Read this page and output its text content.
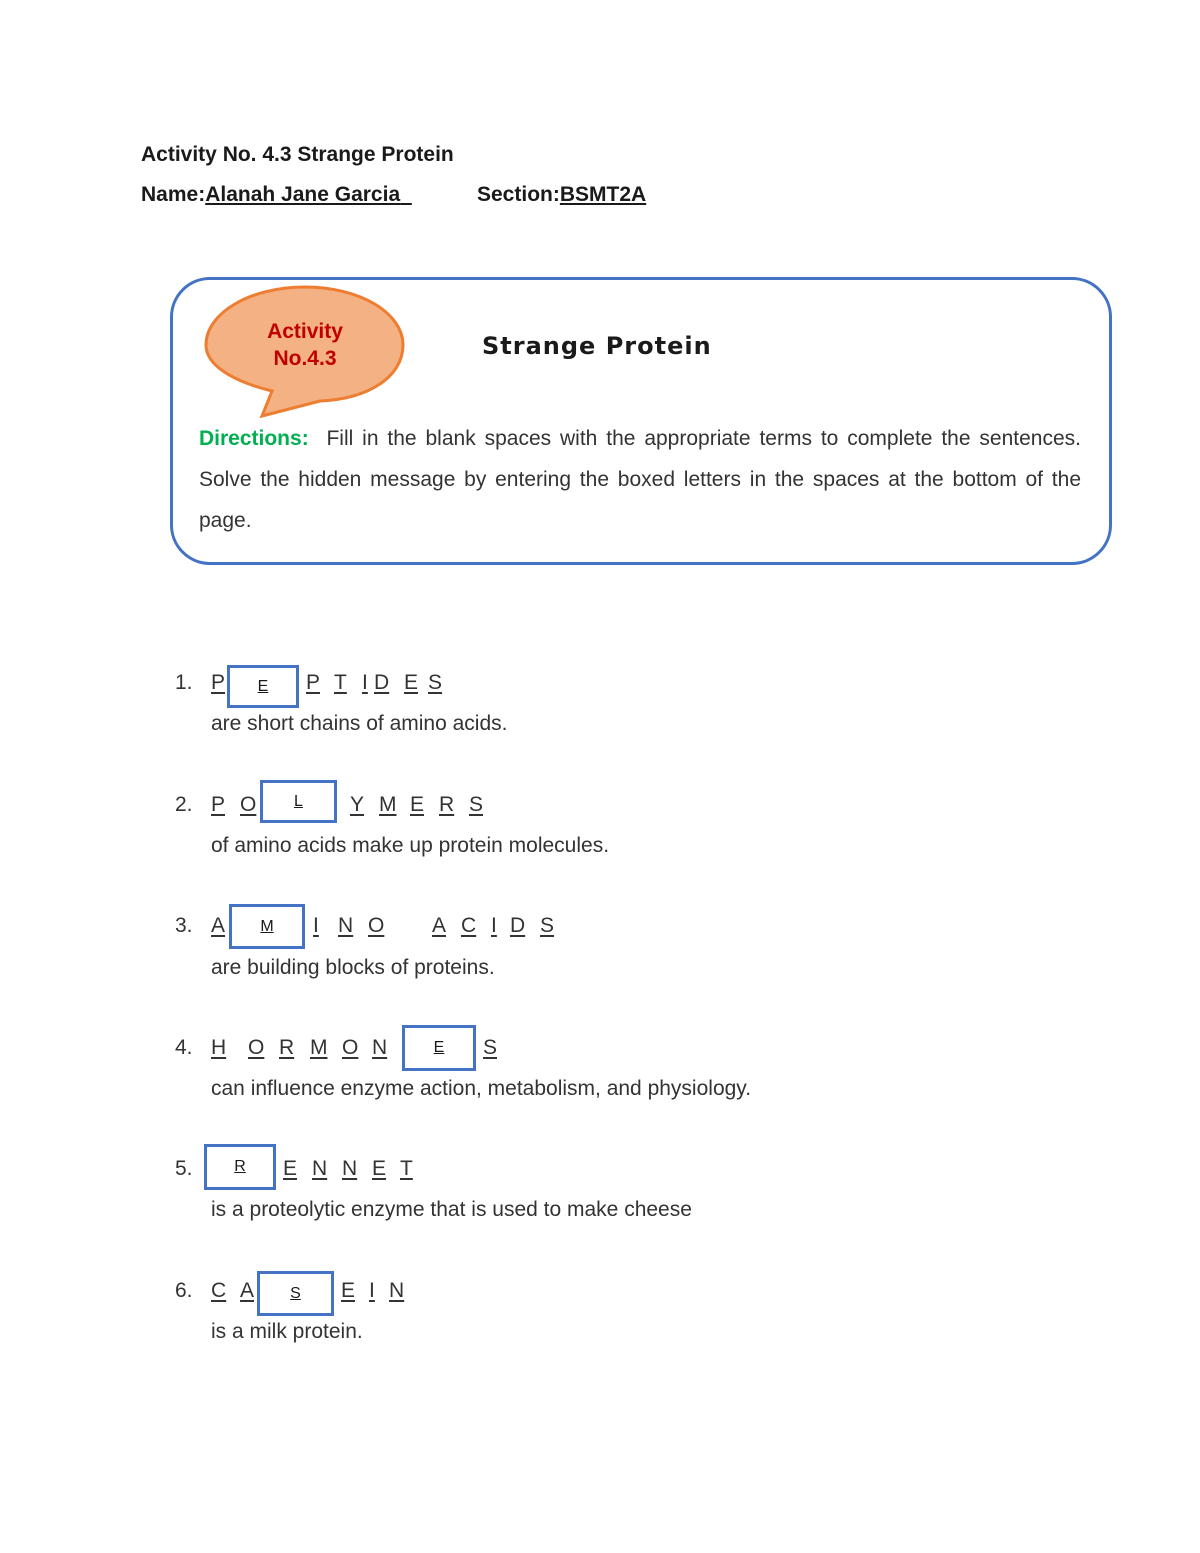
Activity No. 4.3 Strange Protein
Name:Alanah Jane Garcia	Section:BSMT2A
Activity
No.4.3	Strange Protein
Directions: Fill in the blank spaces with the appropriate terms to complete the sentences. Solve the hidden message by entering the boxed letters in the spaces at the bottom of the page.
1. P E P T I D E S
are short chains of amino acids.
2. P O L Y M E R S
of amino acids make up protein molecules.
3. A M I N O A C I D S
are building blocks of proteins.
4. H O R M O N	E S
can influence enzyme action, metabolism, and physiology.
5.	R E N N E T
is a proteolytic enzyme that is used to make cheese
6. C A S E I N
is a milk protein.
